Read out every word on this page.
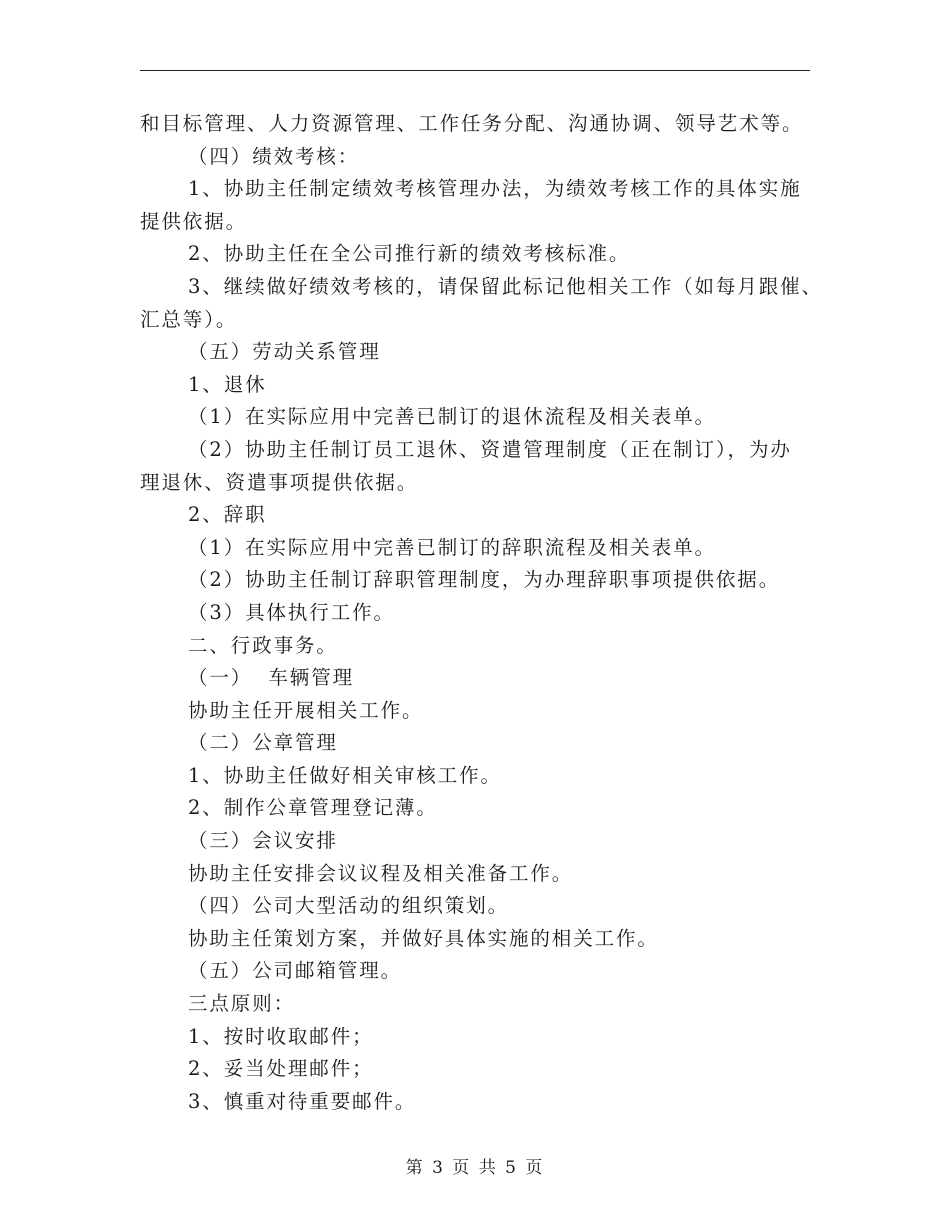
和目标管理、人力资源管理、工作任务分配、沟通协调、领导艺术等。

（四）绩效考核：

1、协助主任制定绩效考核管理办法，为绩效考核工作的具体实施

提供依据。

2、协助主任在全公司推行新的绩效考核标准。

3、继续做好绩效考核的，请保留此标记他相关工作（如每月跟催、

汇总等）。

（五）劳动关系管理

1、退休

（1）在实际应用中完善已制订的退休流程及相关表单。

（2）协助主任制订员工退休、资遣管理制度（正在制订），为办

理退休、资遣事项提供依据。

2、辞职

（1）在实际应用中完善已制订的辞职流程及相关表单。

（2）协助主任制订辞职管理制度，为办理辞职事项提供依据。

（3）具体执行工作。

二、行政事务。

（一）  车辆管理

协助主任开展相关工作。

（二）公章管理

1、协助主任做好相关审核工作。

2、制作公章管理登记薄。

（三）会议安排

协助主任安排会议议程及相关准备工作。

（四）公司大型活动的组织策划。

协助主任策划方案，并做好具体实施的相关工作。

（五）公司邮箱管理。

三点原则：

1、按时收取邮件；

2、妥当处理邮件；

3、慎重对待重要邮件。

第 3 页 共 5 页
